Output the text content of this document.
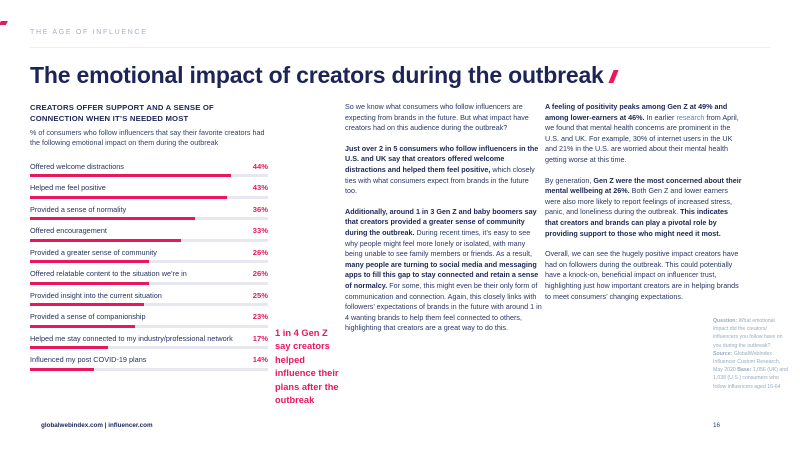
THE AGE OF INFLUENCE
The emotional impact of creators during the outbreak
CREATORS OFFER SUPPORT AND A SENSE OF CONNECTION WHEN IT’S NEEDED MOST
% of consumers who follow influencers that say their favorite creators had the following emotional impact on them during the outbreak
Offered welcome distractions	44%
Helped me feel positive	43%
Provided a sense of normality	36%
Offered encouragement	33%
Provided a greater sense of community	26%
Offered relatable content to the situation we’re in	26%
Provided insight into the current situation	25%
Provided a sense of companionship	23%
Helped me stay connected to my industry/professional network	17%
Influenced my post COVID-19 plans	14%
1 in 4 Gen Z say creators helped influence their plans after the outbreak

So we know what consumers who follow influencers are expecting from brands in the future. But what impact have creators had on this audience during the outbreak?

Just over 2 in 5 consumers who follow influencers in the U.S. and UK say that creators offered welcome distractions and helped them feel positive, which closely ties with what consumers expect from brands in the future too.

Additionally, around 1 in 3 Gen Z and baby boomers say that creators provided a greater sense of community during the outbreak. During recent times, it’s easy to see why people might feel more lonely or isolated, with many being unable to see family members or friends. As a result, many people are turning to social media and messaging apps to fill this gap to stay connected and retain a sense of normalcy. For some, this might even be their only form of communication and connection. Again, this closely links with followers’ expectations of brands in the future with around 1 in 4 wanting brands to help them feel connected to others, highlighting that creators are a great way to do this.

A feeling of positivity peaks among Gen Z at 49% and among lower-earners at 46%. In earlier research from April, we found that mental health concerns are prominent in the U.S. and UK. For example, 30% of internet users in the UK and 21% in the U.S. are worried about their mental health getting worse at this time.

By generation, Gen Z were the most concerned about their mental wellbeing at 26%. Both Gen Z and lower earners were also more likely to report feelings of increased stress, panic, and loneliness during the outbreak. This indicates that creators and brands can play a pivotal role by providing support to those who might need it most.

Overall, we can see the hugely positive impact creators have had on followers during the outbreak. This could potentially have a knock-on, beneficial impact on influencer trust, highlighting just how important creators are in helping brands to meet consumers’ changing expectations.

Question: What emotional impact did the creators/ influencers you follow have on you during the outbreak? Source: GlobalWebIndex Influencer Custom Research, May 2020 Base: 1,056 (UK) and 1,038 (U.S.) consumers who follow influencers aged 16-64
globalwebindex.com | influencer.com	16
